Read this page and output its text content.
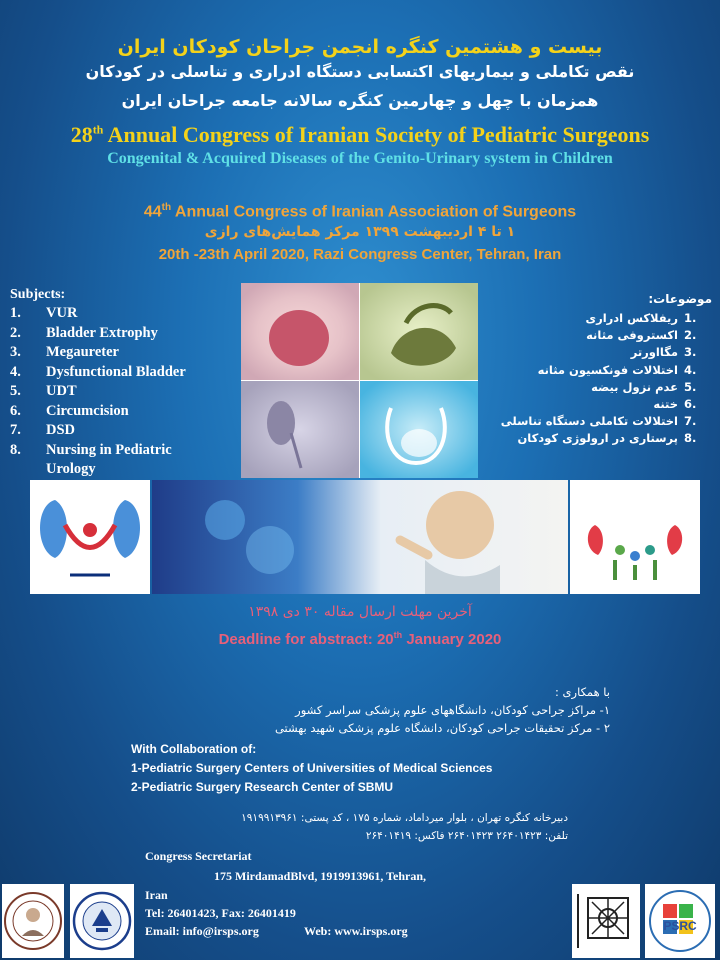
بیست و هشتمین کنگره انجمن جراحان کودکان ایران
نقص تکاملی و بیماریهای اکتسابی دستگاه ادراری و تناسلی در کودکان
همزمان با چهل و چهارمین کنگره سالانه جامعه جراحان ایران
28th Annual Congress of Iranian Society of Pediatric Surgeons
Congenital & Acquired Diseases of the Genito-Urinary system in Children
44th Annual Congress of Iranian Association of Surgeons
۱ تا ۴ اردیبهشت ۱۳۹۹ مرکز همایش‌های رازی
20th -23th April 2020, Razi Congress Center, Tehran, Iran
Subjects:
1.	VUR
2.	Bladder Extrophy
3.	Megaureter
4.	Dysfunctional Bladder
5.	UDT
6.	Circumcision
7.	DSD
8.	Nursing in Pediatric
Urology
موضوعات:
ریفلاکس ادراری 1.
اکستروفی مثانه 2.
مگااورتر 3.
اختلالات فونکسیون مثانه 4.
عدم نزول بیضه 5.
ختنه 6.
اختلالات تکاملی دستگاه تناسلی 7.
پرستاری در ارولوژی کودکان 8.
آخرین مهلت ارسال مقاله ۳۰ دی ۱۳۹۸
Deadline for abstract: 20th January 2020
با همکاری :
۱- مراکز جراحی کودکان، دانشگاههای علوم پزشکی سراسر کشور
۲ - مرکز تحقیقات جراحی کودکان، دانشگاه علوم پزشکی شهید بهشتی
With Collaboration of:
1-Pediatric Surgery Centers of Universities of Medical Sciences
2-Pediatric Surgery Research Center of SBMU
دبیرخانه کنگره تهران ، بلوار میرداماد، شماره ۱۷۵ ، کد پستی: ۱۹۱۹۹۱۳۹۶۱
تلفن: ۲۶۴۰۱۴۲۳ ۲۶۴۰۱۴۲۳ فاکس: ۲۶۴۰۱۴۱۹
Congress Secretariat
175 MirdamadBlvd, 1919913961, Tehran,
Iran
Tel: 26401423, Fax: 26401419
Email: info@irsps.org	Web: www.irsps.org	PSRC
